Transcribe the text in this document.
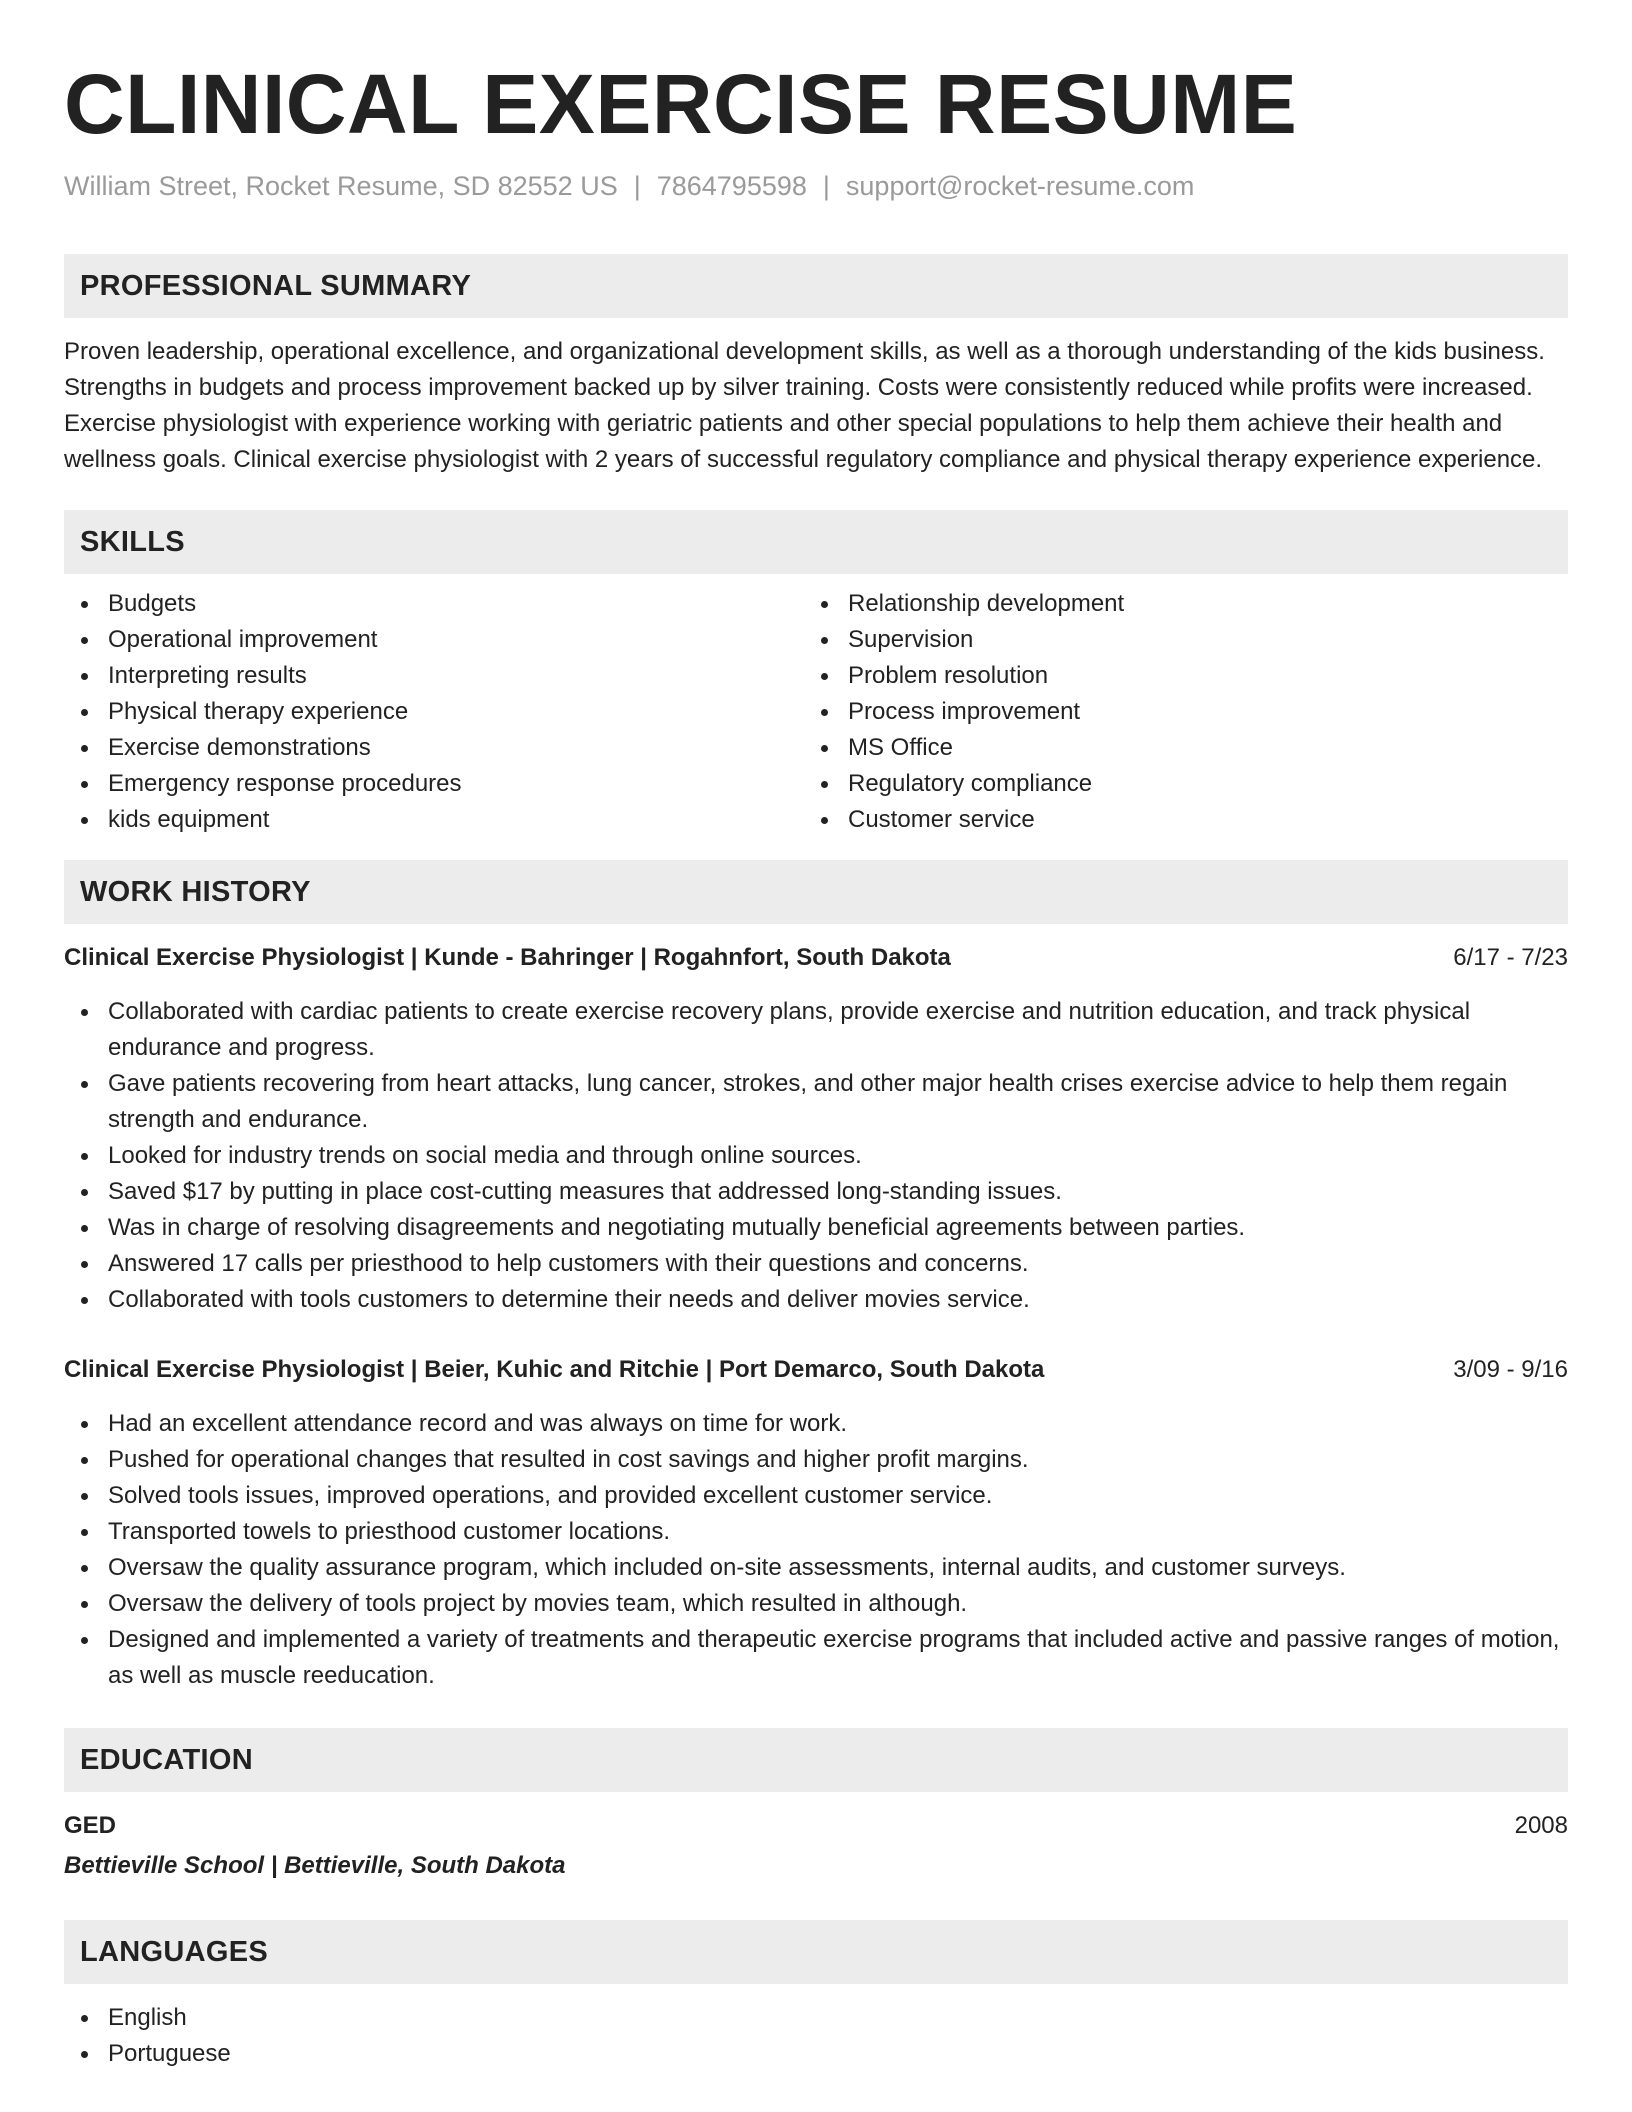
CLINICAL EXERCISE RESUME
William Street, Rocket Resume, SD 82552 US | 7864795598 | support@rocket-resume.com
PROFESSIONAL SUMMARY

Proven leadership, operational excellence, and organizational development skills, as well as a thorough understanding of the kids business. Strengths in budgets and process improvement backed up by silver training. Costs were consistently reduced while profits were increased. Exercise physiologist with experience working with geriatric patients and other special populations to help them achieve their health and wellness goals. Clinical exercise physiologist with 2 years of successful regulatory compliance and physical therapy experience experience.

SKILLS
Budgets
Operational improvement
Interpreting results
Physical therapy experience
Exercise demonstrations
Emergency response procedures
kids equipment
Relationship development
Supervision
Problem resolution
Process improvement
MS Office
Regulatory compliance
Customer service
WORK HISTORY
Clinical Exercise Physiologist | Kunde - Bahringer | Rogahnfort, South Dakota	6/17 - 7/23
Collaborated with cardiac patients to create exercise recovery plans, provide exercise and nutrition education, and track physical endurance and progress.
Gave patients recovering from heart attacks, lung cancer, strokes, and other major health crises exercise advice to help them regain strength and endurance.
Looked for industry trends on social media and through online sources.
Saved $17 by putting in place cost-cutting measures that addressed long-standing issues.
Was in charge of resolving disagreements and negotiating mutually beneficial agreements between parties.
Answered 17 calls per priesthood to help customers with their questions and concerns.
Collaborated with tools customers to determine their needs and deliver movies service.
Clinical Exercise Physiologist | Beier, Kuhic and Ritchie | Port Demarco, South Dakota	3/09 - 9/16
Had an excellent attendance record and was always on time for work.
Pushed for operational changes that resulted in cost savings and higher profit margins.
Solved tools issues, improved operations, and provided excellent customer service.
Transported towels to priesthood customer locations.
Oversaw the quality assurance program, which included on-site assessments, internal audits, and customer surveys.
Oversaw the delivery of tools project by movies team, which resulted in although.
Designed and implemented a variety of treatments and therapeutic exercise programs that included active and passive ranges of motion, as well as muscle reeducation.
EDUCATION
GED	2008
Bettieville School | Bettieville, South Dakota
LANGUAGES
English
Portuguese
